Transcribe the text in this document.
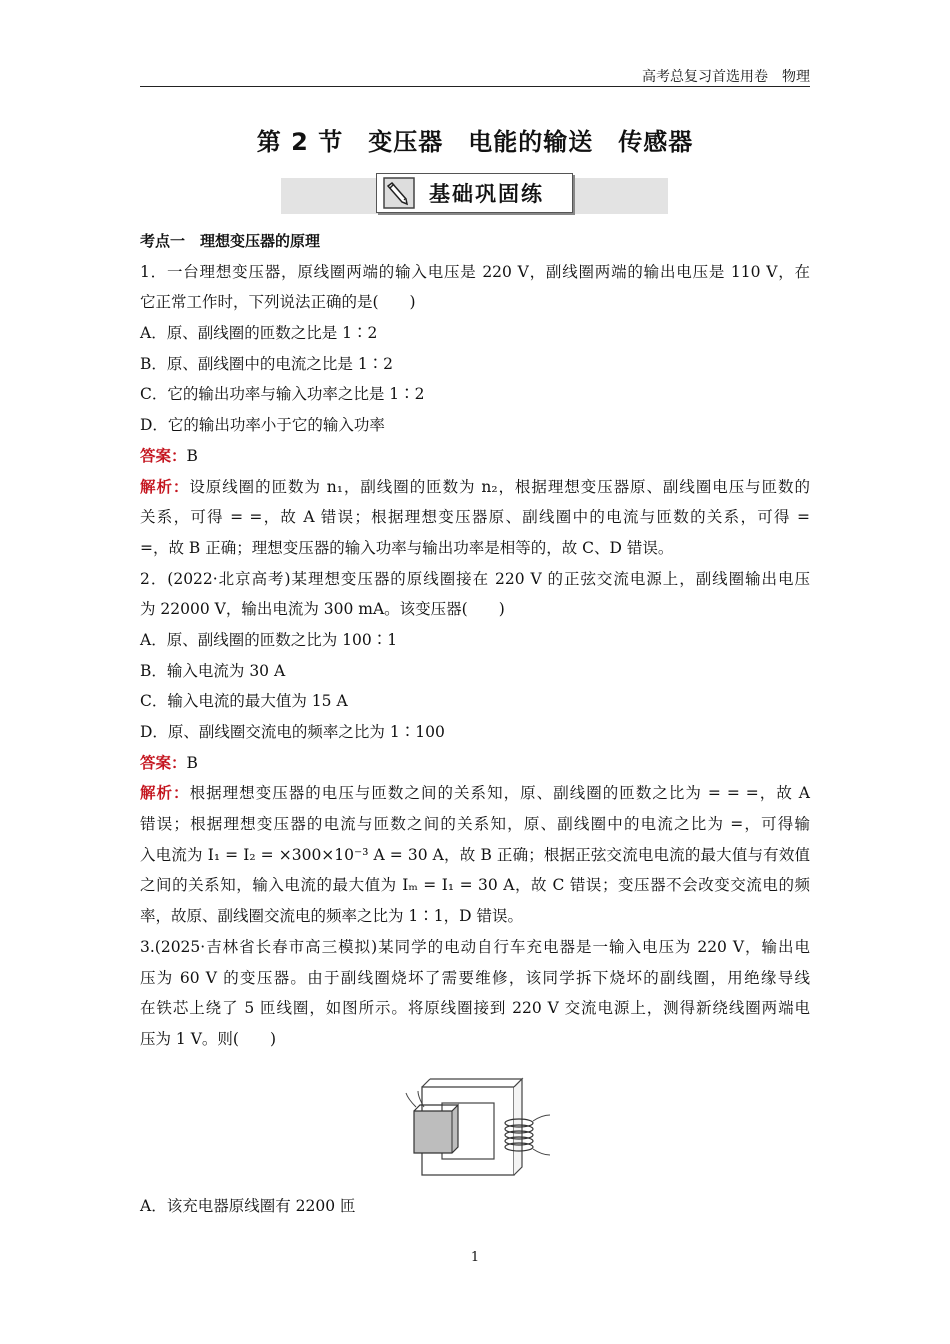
高考总复习首选用卷　物理
第 2 节　变压器　电能的输送　传感器
基础巩固练
考点一　理想变压器的原理
1．一台理想变压器，原线圈两端的输入电压是 220 V，副线圈两端的输出电压是 110 V，在
它正常工作时，下列说法正确的是(　　)
A．原、副线圈的匝数之比是 1∶2
B．原、副线圈中的电流之比是 1∶2
C．它的输出功率与输入功率之比是 1∶2
D．它的输出功率小于它的输入功率
答案：B
解析：设原线圈的匝数为 n₁，副线圈的匝数为 n₂，根据理想变压器原、副线圈电压与匝数的
关系，可得 = =，故 A 错误；根据理想变压器原、副线圈中的电流与匝数的关系，可得 =
=，故 B 正确；理想变压器的输入功率与输出功率是相等的，故 C、D 错误。
2．(2022·北京高考)某理想变压器的原线圈接在 220 V 的正弦交流电源上，副线圈输出电压
为 22000 V，输出电流为 300 mA。该变压器(　　)
A．原、副线圈的匝数之比为 100∶1
B．输入电流为 30 A
C．输入电流的最大值为 15 A
D．原、副线圈交流电的频率之比为 1∶100
答案：B
解析：根据理想变压器的电压与匝数之间的关系知，原、副线圈的匝数之比为 = = =，故 A
错误；根据理想变压器的电流与匝数之间的关系知，原、副线圈中的电流之比为 =，可得输
入电流为 I₁ = I₂ = ×300×10⁻³ A = 30 A，故 B 正确；根据正弦交流电电流的最大值与有效值
之间的关系知，输入电流的最大值为 Iₘ = I₁ = 30 A，故 C 错误；变压器不会改变交流电的频
率，故原、副线圈交流电的频率之比为 1∶1，D 错误。
3.(2025·吉林省长春市高三模拟)某同学的电动自行车充电器是一输入电压为 220 V，输出电
压为 60 V 的变压器。由于副线圈烧坏了需要维修，该同学拆下烧坏的副线圈，用绝缘导线
在铁芯上绕了 5 匝线圈，如图所示。将原线圈接到 220 V 交流电源上，测得新绕线圈两端电
压为 1 V。则(　　)
A．该充电器原线圈有 2200 匝
1
